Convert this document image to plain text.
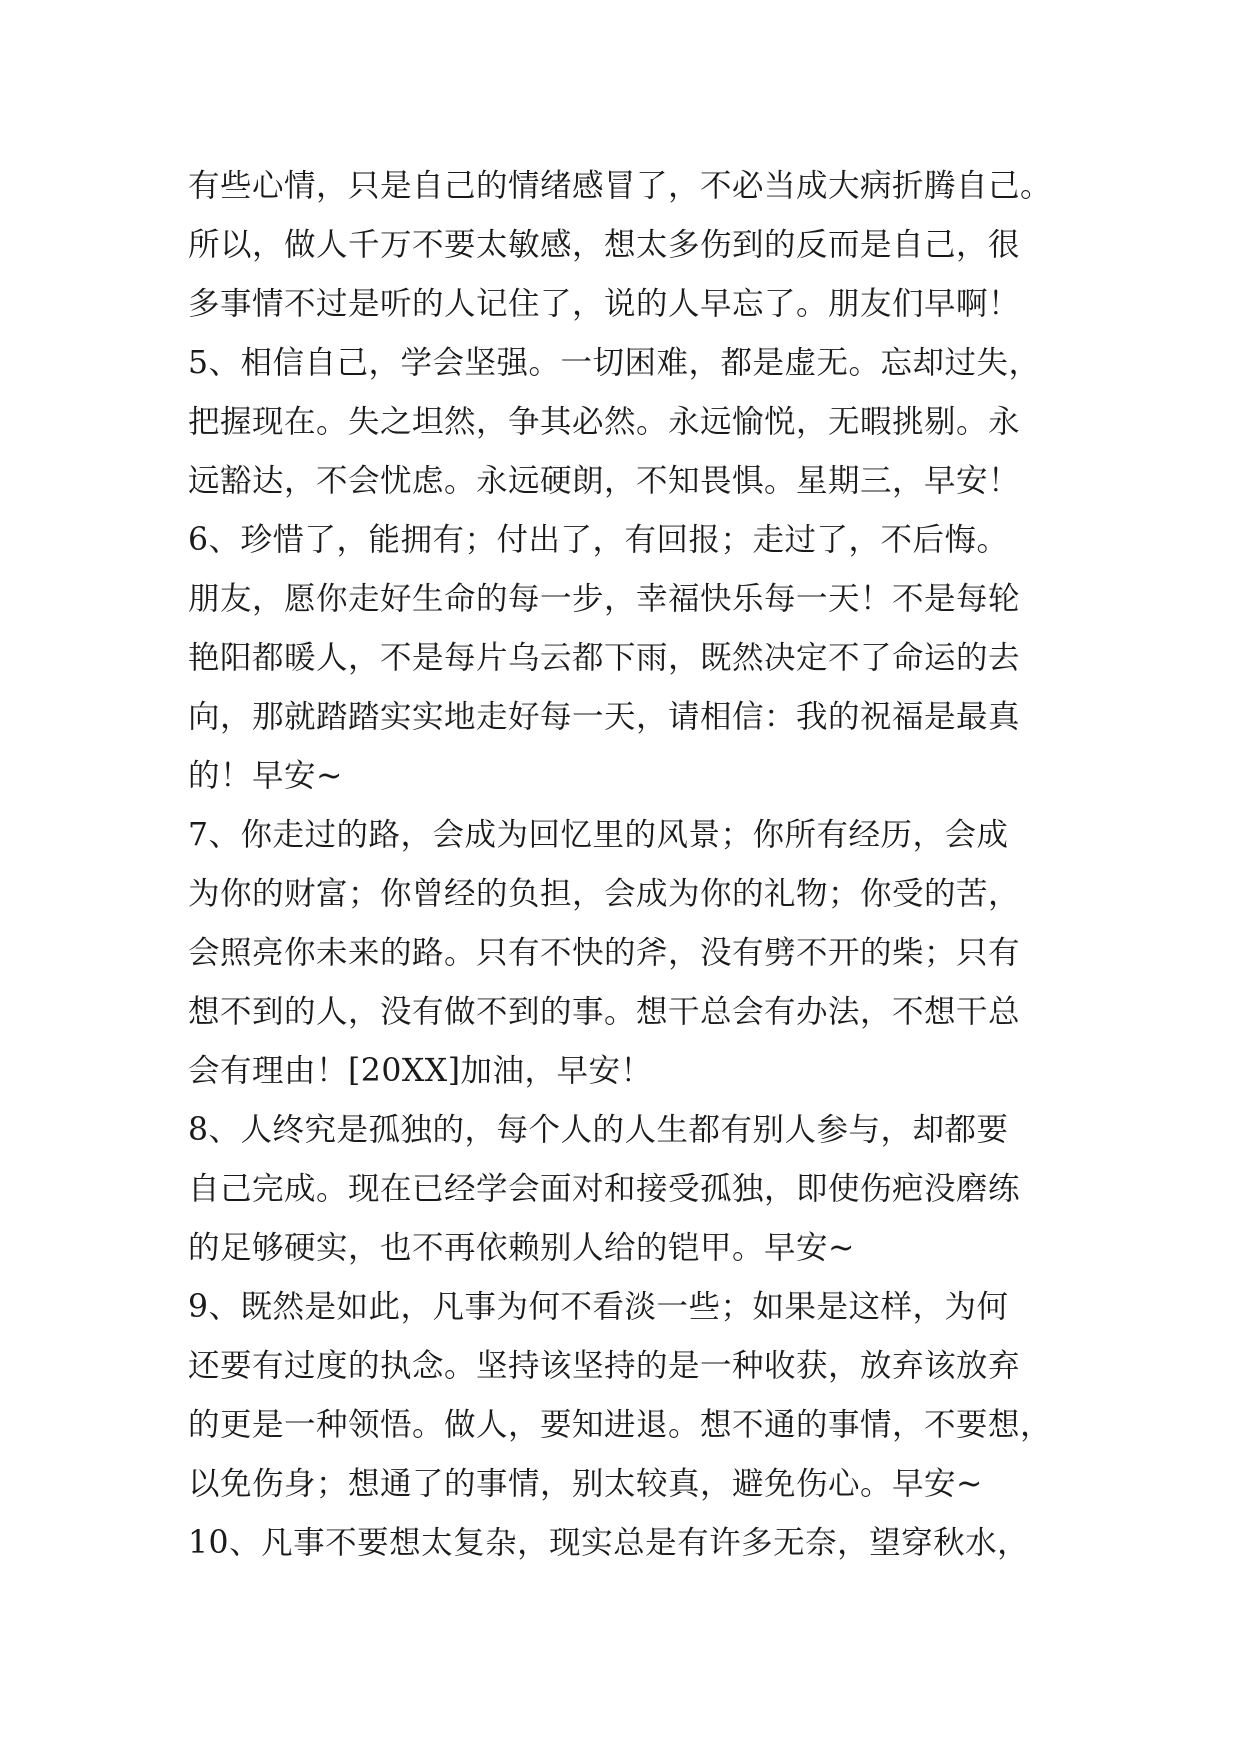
有些心情，只是自己的情绪感冒了，不必当成大病折腾自己。
所以，做人千万不要太敏感，想太多伤到的反而是自己，很
多事情不过是听的人记住了，说的人早忘了。朋友们早啊！
5、相信自己，学会坚强。一切困难，都是虚无。忘却过失，
把握现在。失之坦然，争其必然。永远愉悦，无暇挑剔。永
远豁达，不会忧虑。永远硬朗，不知畏惧。星期三，早安！
6、珍惜了，能拥有；付出了，有回报；走过了，不后悔。
朋友，愿你走好生命的每一步，幸福快乐每一天！不是每轮
艳阳都暖人，不是每片乌云都下雨，既然决定不了命运的去
向，那就踏踏实实地走好每一天，请相信：我的祝福是最真
的！早安~
7、你走过的路，会成为回忆里的风景；你所有经历，会成
为你的财富；你曾经的负担，会成为你的礼物；你受的苦，
会照亮你未来的路。只有不快的斧，没有劈不开的柴；只有
想不到的人，没有做不到的事。想干总会有办法，不想干总
会有理由！[20XX]加油，早安！
8、人终究是孤独的，每个人的人生都有别人参与，却都要
自己完成。现在已经学会面对和接受孤独，即使伤疤没磨练
的足够硬实，也不再依赖别人给的铠甲。早安~
9、既然是如此，凡事为何不看淡一些；如果是这样，为何
还要有过度的执念。坚持该坚持的是一种收获，放弃该放弃
的更是一种领悟。做人，要知进退。想不通的事情，不要想，
以免伤身；想通了的事情，别太较真，避免伤心。早安~
10、凡事不要想太复杂，现实总是有许多无奈，望穿秋水，
